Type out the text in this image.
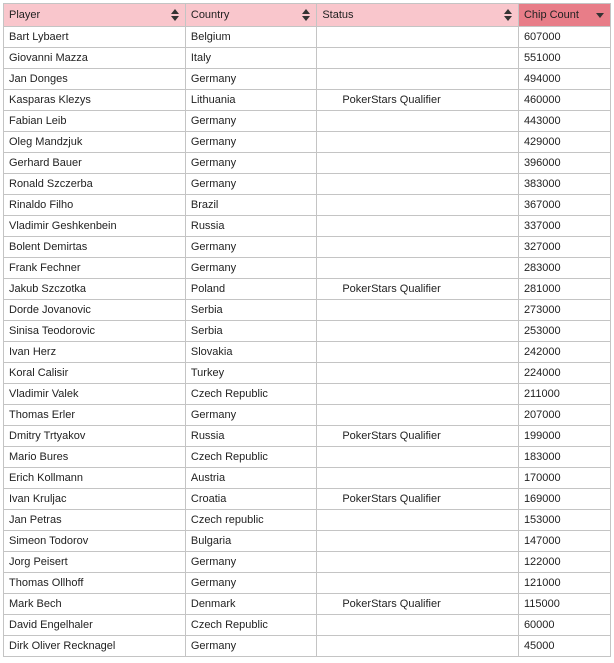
Player	Country	Status	Chip Count

Bart Lybaert	Belgium		607000
Giovanni Mazza	Italy		551000
Jan Donges	Germany		494000
Kasparas Klezys	Lithuania	PokerStars Qualifier	460000
Fabian Leib	Germany		443000
Oleg Mandzjuk	Germany		429000
Gerhard Bauer	Germany		396000
Ronald Szczerba	Germany		383000
Rinaldo Filho	Brazil		367000
Vladimir Geshkenbein	Russia		337000
Bolent Demirtas	Germany		327000
Frank Fechner	Germany		283000
Jakub Szczotka	Poland	PokerStars Qualifier	281000
Dorde Jovanovic	Serbia		273000
Sinisa Teodorovic	Serbia		253000
Ivan Herz	Slovakia		242000
Koral Calisir	Turkey		224000
Vladimir Valek	Czech Republic		211000
Thomas Erler	Germany		207000
Dmitry Trtyakov	Russia	PokerStars Qualifier	199000
Mario Bures	Czech Republic		183000
Erich Kollmann	Austria		170000
Ivan Kruljac	Croatia	PokerStars Qualifier	169000
Jan Petras	Czech republic		153000
Simeon Todorov	Bulgaria		147000
Jorg Peisert	Germany		122000
Thomas Ollhoff	Germany		121000
Mark Bech	Denmark	PokerStars Qualifier	115000
David Engelhaler	Czech Republic		60000
Dirk Oliver Recknagel	Germany		45000
